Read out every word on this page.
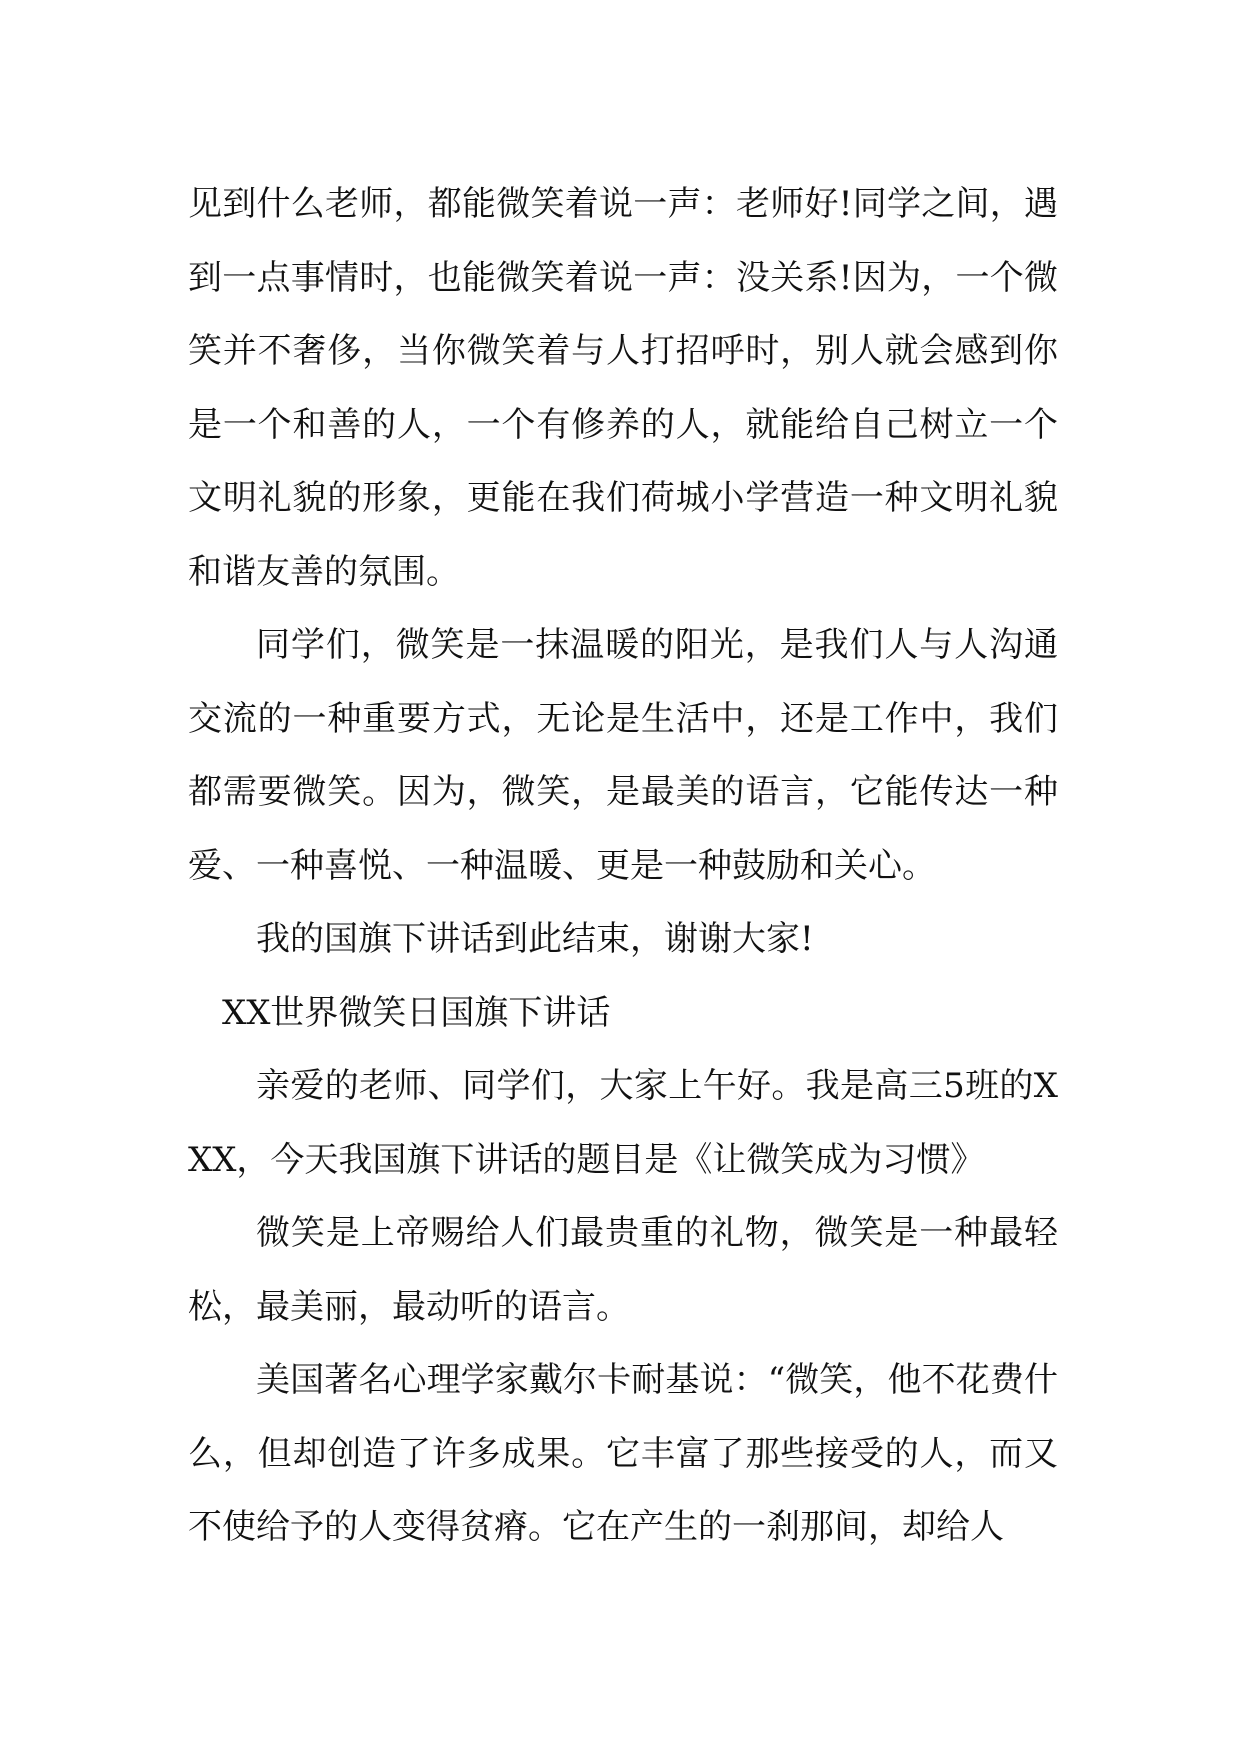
见到什么老师，都能微笑着说一声：老师好!同学之间，遇到一点事情时，也能微笑着说一声：没关系!因为，一个微笑并不奢侈，当你微笑着与人打招呼时，别人就会感到你是一个和善的人，一个有修养的人，就能给自己树立一个文明礼貌的形象，更能在我们荷城小学营造一种文明礼貌和谐友善的氛围。

同学们，微笑是一抹温暖的阳光，是我们人与人沟通交流的一种重要方式，无论是生活中，还是工作中，我们都需要微笑。因为，微笑，是最美的语言，它能传达一种爱、一种喜悦、一种温暖、更是一种鼓励和关心。

我的国旗下讲话到此结束，谢谢大家!

XX世界微笑日国旗下讲话

亲爱的老师、同学们，大家上午好。我是高三5班的XXX，今天我国旗下讲话的题目是《让微笑成为习惯》

微笑是上帝赐给人们最贵重的礼物，微笑是一种最轻松，最美丽，最动听的语言。

美国著名心理学家戴尔卡耐基说：“微笑，他不花费什么，但却创造了许多成果。它丰富了那些接受的人，而又不使给予的人变得贫瘠。它在产生的一刹那间，却给人
